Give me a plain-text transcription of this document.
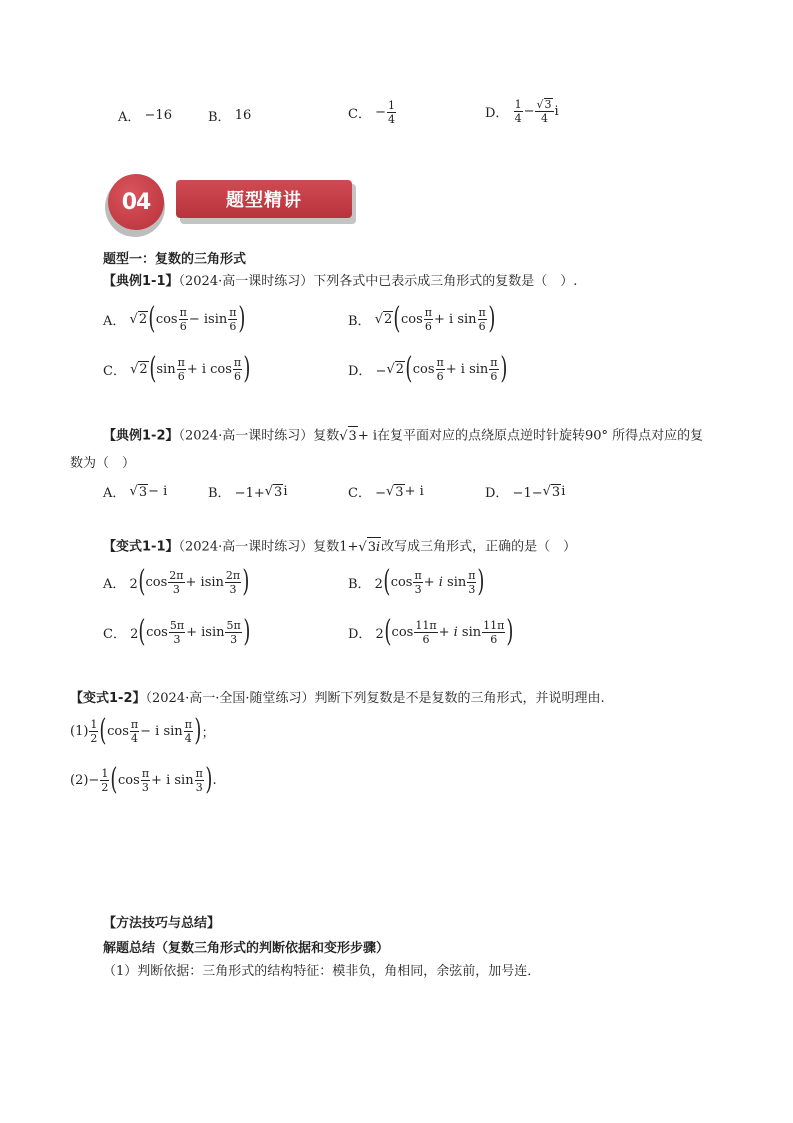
A．
−16	B．
16	C． − $\frac{1}{4}$	D．
$\frac{1}{4} - \frac{√ 3}{4}$ i
题型精讲
04
题型一：复数的三角形式
【典例1-1】（2024·高一课时练习）下列各式中已表示成三角形式的复数是（　）.
A． √ 2 ( $\cos \frac{\pi}{6} - isin \frac{\pi}{6}$ )	B． √ 2 ( $\cos \frac{\pi}{6} + i$ $\sin \frac{\pi}{6}$ )
C． √ 2 ( $\sin \frac{\pi}{6} + i$ $\cos \frac{\pi}{6}$ )	D． − √ 2 ( $\cos \frac{\pi}{6} + i$ $\sin \frac{\pi}{6}$ )
【典例1-2】（2024·高一课时练习）复数√ 3 + i在复平面对应的点绕原点逆时针旋转90° 所得点对应的复
数为（　）
A． √ 3 − i	B． −1+ √ 3 i	C． − √ 3 + i	D． −1− √ 3 i
【变式1-1】（2024·高一课时练习）复数1+√ 3i 改写成三角形式，正确的是（　）
A． 2 ( $\cos \frac{2\pi}{3} + isin \frac{2\pi}{3}$ )	B． 2 ( $\cos \frac{\pi}{3} + i$ $\sin \frac{\pi}{3}$ )
C． 2 ( $\cos \frac{5\pi}{3} + isin \frac{5\pi}{3}$ )	D． 2 ( $\cos \frac{11\pi}{6} + i$ $\sin \frac{11\pi}{6}$ )
【变式1-2】（2024·高一·全国·随堂练习）判断下列复数是不是复数的三角形式，并说明理由.
$(1) \frac{1}{2}$ ( $\cos \frac{\pi}{4} - i$ $\sin \frac{\pi}{4}$ ) ；
$(2)- \frac{1}{2}$ ( $\cos \frac{\pi}{3} + i$ $\sin \frac{\pi}{3}$ ) .
【方法技巧与总结】
解题总结（复数三角形式的判断依据和变形步骤）
（1）判断依据：三角形式的结构特征：模非负，角相同，余弦前，加号连．
